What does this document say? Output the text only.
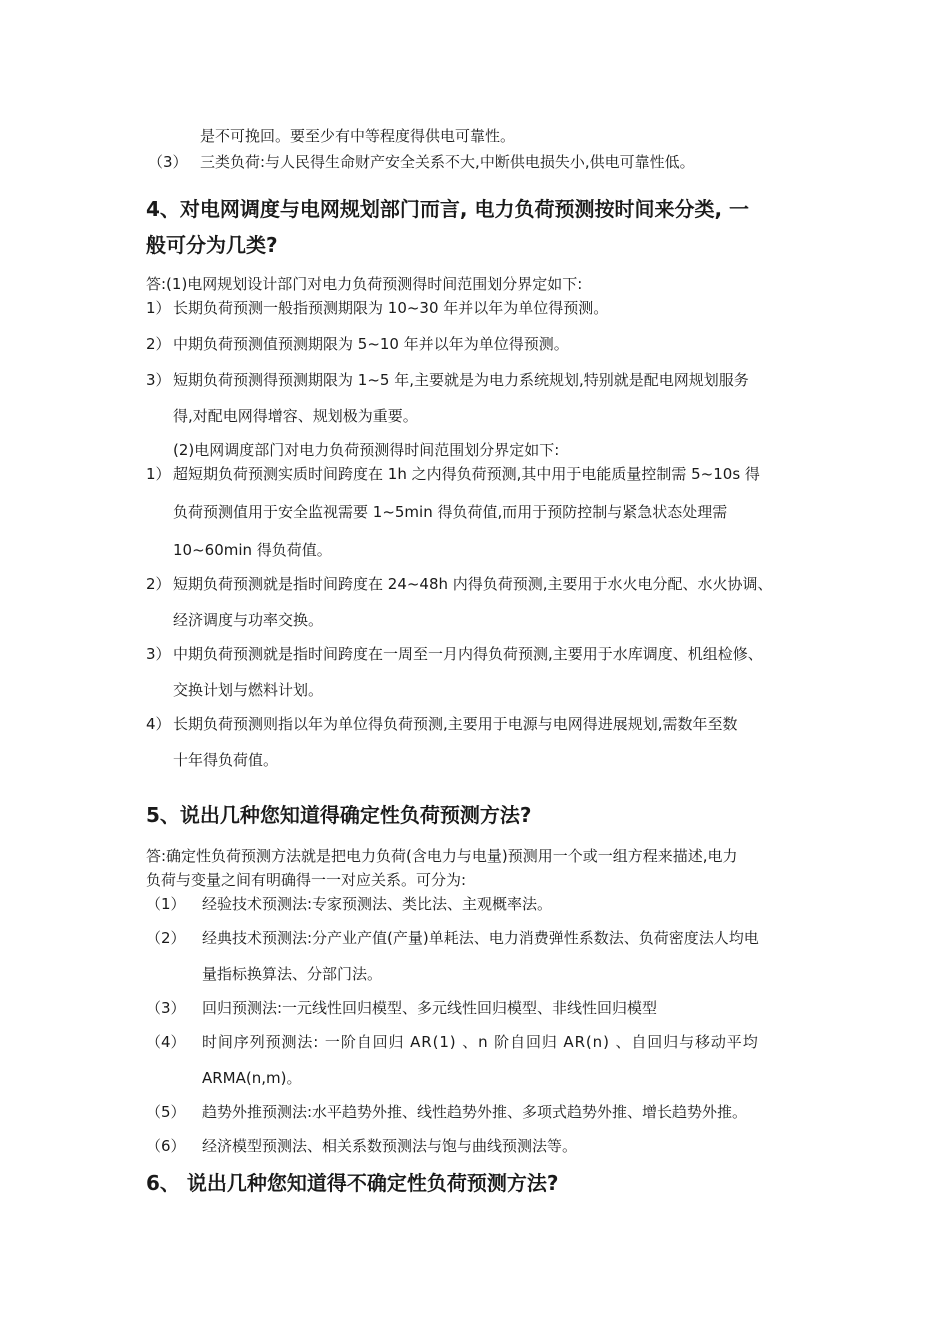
是不可挽回。要至少有中等程度得供电可靠性。
（3） 三类负荷:与人民得生命财产安全关系不大,中断供电损失小,供电可靠性低。
4、对电网调度与电网规划部门而言, 电力负荷预测按时间来分类, 一
般可分为几类?
答:(1)电网规划设计部门对电力负荷预测得时间范围划分界定如下:
1） 长期负荷预测一般指预测期限为 10~30 年并以年为单位得预测。
2） 中期负荷预测值预测期限为 5~10 年并以年为单位得预测。
3） 短期负荷预测得预测期限为 1~5 年,主要就是为电力系统规划,特别就是配电网规划服务
得,对配电网得增容、规划极为重要。
(2)电网调度部门对电力负荷预测得时间范围划分界定如下:
1） 超短期负荷预测实质时间跨度在 1h 之内得负荷预测,其中用于电能质量控制需 5~10s 得
负荷预测值用于安全监视需要 1~5min 得负荷值,而用于预防控制与紧急状态处理需
10~60min 得负荷值。
2） 短期负荷预测就是指时间跨度在 24~48h 内得负荷预测,主要用于水火电分配、水火协调、
经济调度与功率交换。
3） 中期负荷预测就是指时间跨度在一周至一月内得负荷预测,主要用于水库调度、机组检修、
交换计划与燃料计划。
4） 长期负荷预测则指以年为单位得负荷预测,主要用于电源与电网得进展规划,需数年至数
十年得负荷值。
5、说出几种您知道得确定性负荷预测方法?
答:确定性负荷预测方法就是把电力负荷(含电力与电量)预测用一个或一组方程来描述,电力
负荷与变量之间有明确得一一对应关系。可分为:
（1） 经验技术预测法:专家预测法、类比法、主观概率法。
（2） 经典技术预测法:分产业产值(产量)单耗法、电力消费弹性系数法、负荷密度法人均电
量指标换算法、分部门法。
（3） 回归预测法:一元线性回归模型、多元线性回归模型、非线性回归模型
（4） 时间序列预测法: 一阶自回归 AR(1) 、n 阶自回归 AR(n) 、自回归与移动平均
ARMA(n,m)。
（5） 趋势外推预测法:水平趋势外推、线性趋势外推、多项式趋势外推、增长趋势外推。
（6） 经济模型预测法、相关系数预测法与饱与曲线预测法等。
6、 说出几种您知道得不确定性负荷预测方法?
